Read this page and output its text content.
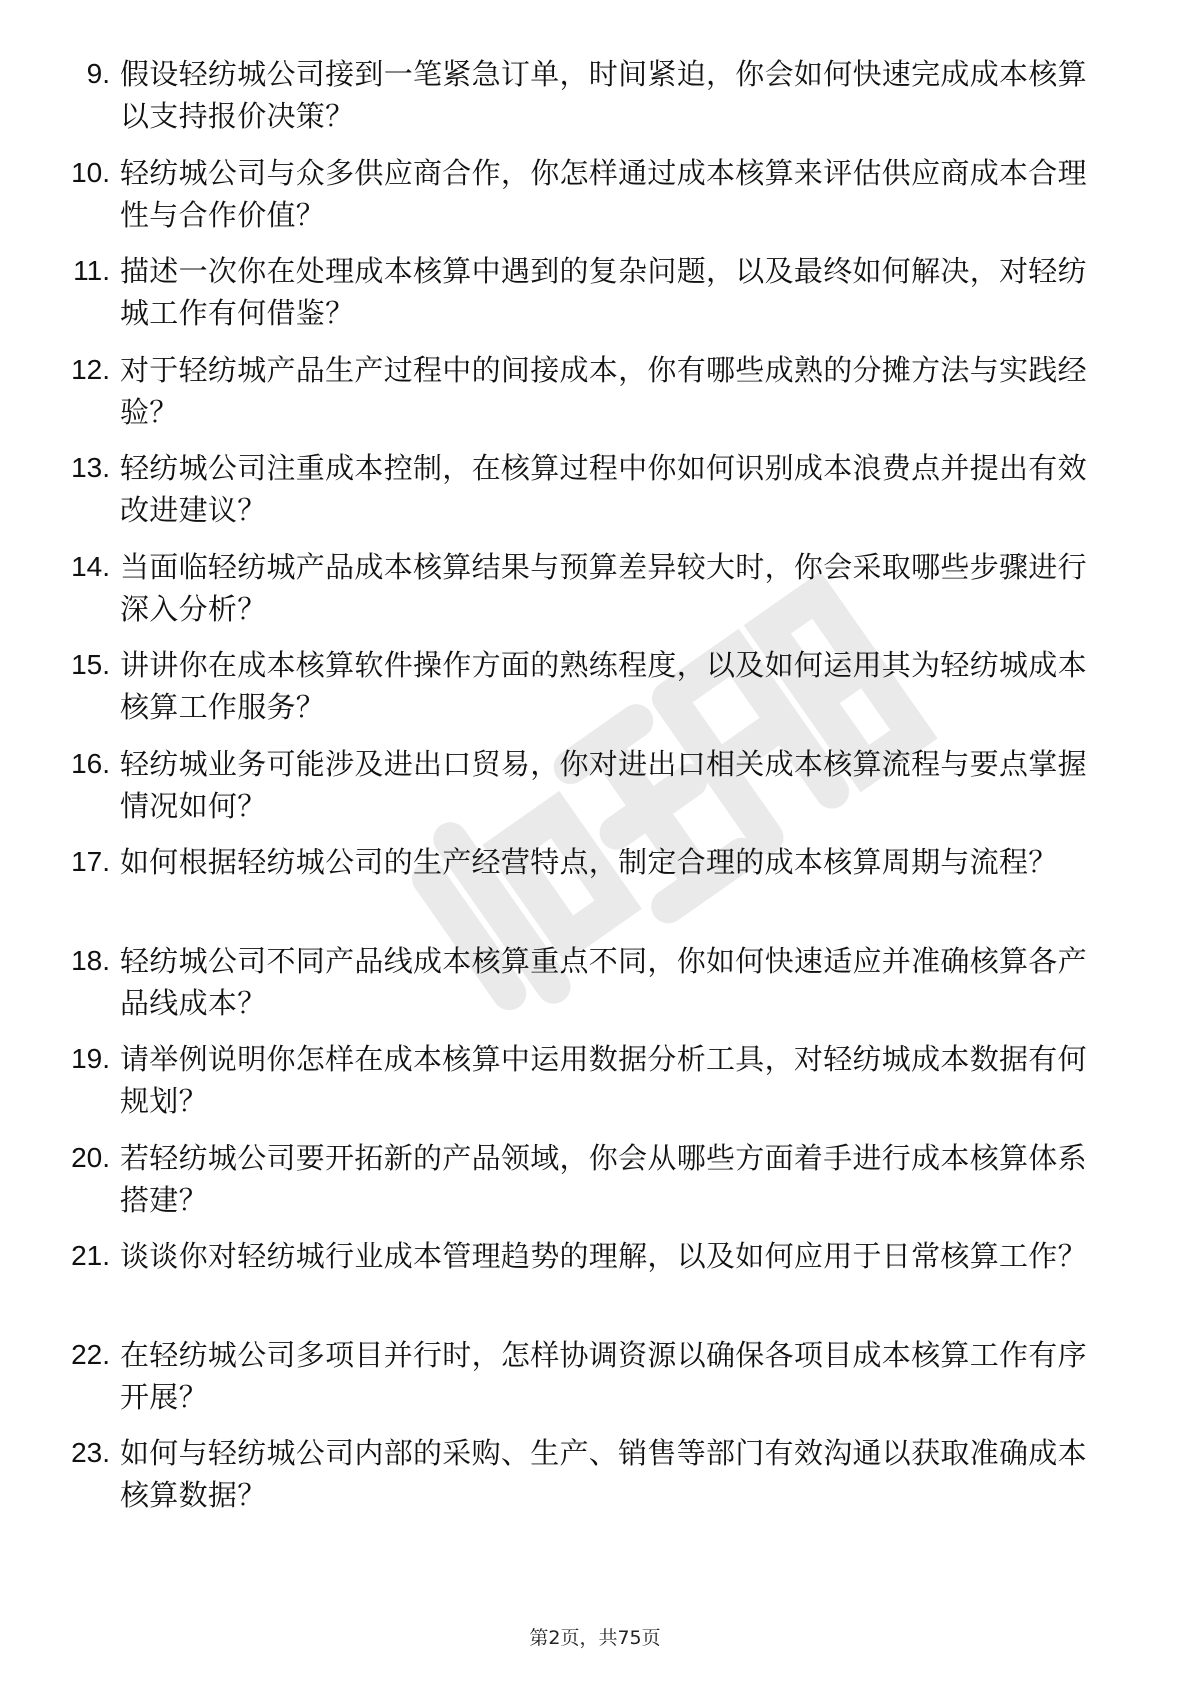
9. 假设轻纺城公司接到一笔紧急订单，时间紧迫，你会如何快速完成成本核算以支持报价决策？
10. 轻纺城公司与众多供应商合作，你怎样通过成本核算来评估供应商成本合理性与合作价值？
11. 描述一次你在处理成本核算中遇到的复杂问题，以及最终如何解决，对轻纺城工作有何借鉴？
12. 对于轻纺城产品生产过程中的间接成本，你有哪些成熟的分摊方法与实践经验？
13. 轻纺城公司注重成本控制，在核算过程中你如何识别成本浪费点并提出有效改进建议？
14. 当面临轻纺城产品成本核算结果与预算差异较大时，你会采取哪些步骤进行深入分析？
15. 讲讲你在成本核算软件操作方面的熟练程度，以及如何运用其为轻纺城成本核算工作服务？
16. 轻纺城业务可能涉及进出口贸易，你对进出口相关成本核算流程与要点掌握情况如何？
17. 如何根据轻纺城公司的生产经营特点，制定合理的成本核算周期与流程？
18. 轻纺城公司不同产品线成本核算重点不同，你如何快速适应并准确核算各产品线成本？
19. 请举例说明你怎样在成本核算中运用数据分析工具，对轻纺城成本数据有何规划？
20. 若轻纺城公司要开拓新的产品领域，你会从哪些方面着手进行成本核算体系搭建？
21. 谈谈你对轻纺城行业成本管理趋势的理解，以及如何应用于日常核算工作？
22. 在轻纺城公司多项目并行时，怎样协调资源以确保各项目成本核算工作有序开展？
23. 如何与轻纺城公司内部的采购、生产、销售等部门有效沟通以获取准确成本核算数据？
第2页，共75页
